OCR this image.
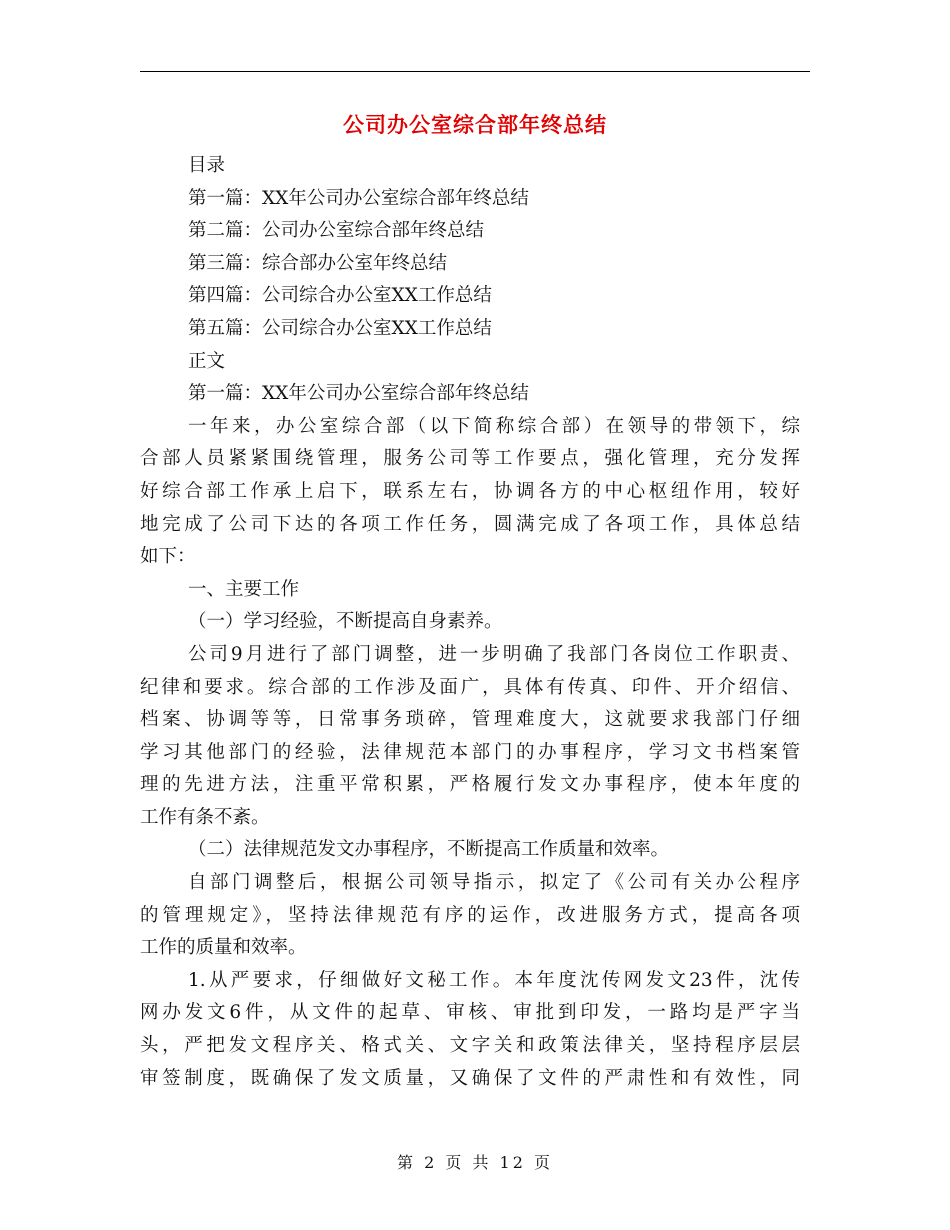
公司办公室综合部年终总结
目录
第一篇：XX年公司办公室综合部年终总结
第二篇：公司办公室综合部年终总结
第三篇：综合部办公室年终总结
第四篇：公司综合办公室XX工作总结
第五篇：公司综合办公室XX工作总结
正文
第一篇：XX年公司办公室综合部年终总结
一年来，办公室综合部（以下简称综合部）在领导的带领下，综
合部人员紧紧围绕管理，服务公司等工作要点，强化管理，充分发挥
好综合部工作承上启下，联系左右，协调各方的中心枢纽作用，较好
地完成了公司下达的各项工作任务，圆满完成了各项工作，具体总结
如下：
一、主要工作
（一）学习经验，不断提高自身素养。
公司9月进行了部门调整，进一步明确了我部门各岗位工作职责、
纪律和要求。综合部的工作涉及面广，具体有传真、印件、开介绍信、
档案、协调等等，日常事务琐碎，管理难度大，这就要求我部门仔细
学习其他部门的经验，法律规范本部门的办事程序，学习文书档案管
理的先进方法，注重平常积累，严格履行发文办事程序，使本年度的
工作有条不紊。
（二）法律规范发文办事程序，不断提高工作质量和效率。
自部门调整后，根据公司领导指示，拟定了《公司有关办公程序
的管理规定》，坚持法律规范有序的运作，改进服务方式，提高各项
工作的质量和效率。
1.从严要求，仔细做好文秘工作。本年度沈传网发文23件，沈传
网办发文6件，从文件的起草、审核、审批到印发，一路均是严字当
头，严把发文程序关、格式关、文字关和政策法律关，坚持程序层层
审签制度，既确保了发文质量，又确保了文件的严肃性和有效性，同
第 2 页 共 12 页
